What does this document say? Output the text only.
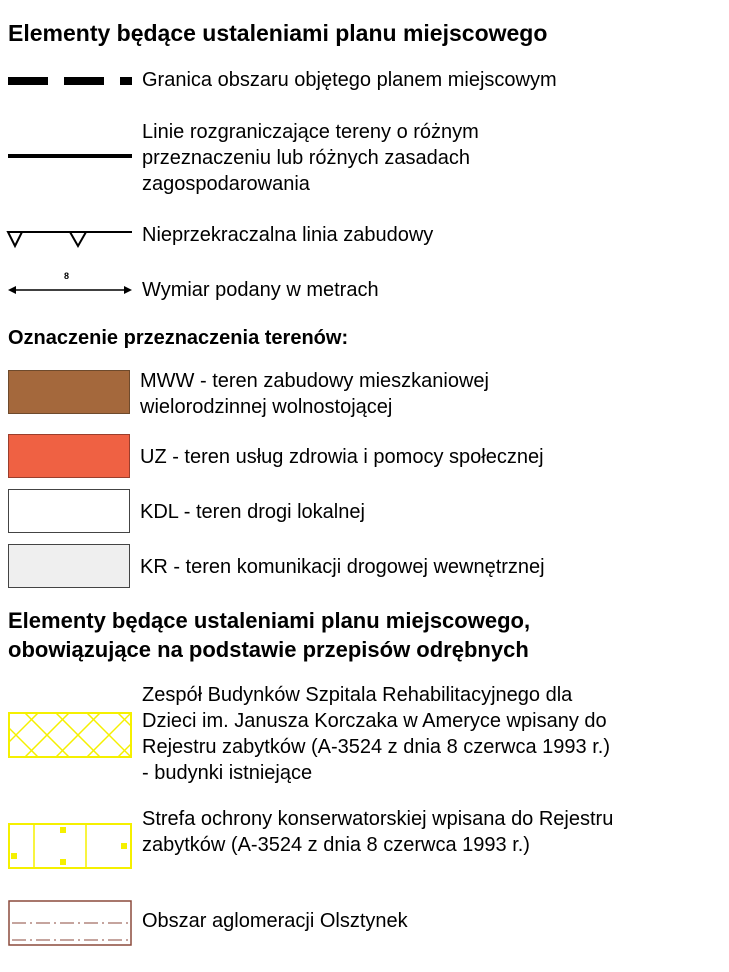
Elementy będące ustaleniami planu miejscowego
Granica obszaru objętego planem miejscowym
Linie rozgraniczające tereny o różnym
przeznaczeniu lub różnych zasadach
zagospodarowania
Nieprzekraczalna linia zabudowy
8
Wymiar podany w metrach
Oznaczenie przeznaczenia terenów:
MWW - teren zabudowy mieszkaniowej
wielorodzinnej wolnostojącej
UZ - teren usług zdrowia i pomocy społecznej
KDL - teren drogi lokalnej
KR - teren komunikacji drogowej wewnętrznej
Elementy będące ustaleniami planu miejscowego,
obowiązujące na podstawie przepisów odrębnych
Zespół Budynków Szpitala Rehabilitacyjnego dla
Dzieci im. Janusza Korczaka w Ameryce wpisany do
Rejestru zabytków (A-3524 z dnia 8 czerwca 1993 r.)
- budynki istniejące
Strefa ochrony konserwatorskiej wpisana do Rejestru
zabytków (A-3524 z dnia 8 czerwca 1993 r.)
Obszar aglomeracji Olsztynek
